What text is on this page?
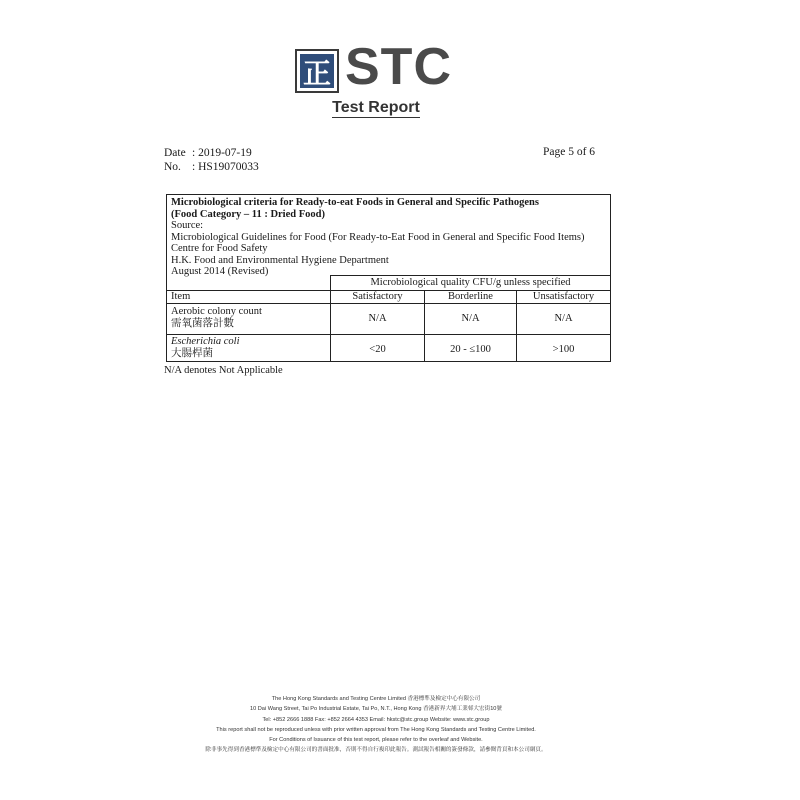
正 STC
Test Report
Date : 2019-07-19
No. : HS19070033
Page 5 of 6
Microbiological criteria for Ready-to-eat Foods in General and Specific Pathogens
(Food Category – 11 : Dried Food)
Source:
Microbiological Guidelines for Food (For Ready-to-Eat Food in General and Specific Food Items)
Centre for Food Safety
H.K. Food and Environmental Hygiene Department
August 2014 (Revised)
Microbiological quality CFU/g unless specified
Item	Satisfactory	Borderline	Unsatisfactory
Aerobic colony count
需氧菌落計數	N/A	N/A	N/A
Escherichia coli
大腸桿菌	<20	20 - ≤100	>100
N/A denotes Not Applicable
The Hong Kong Standards and Testing Centre Limited 香港標準及檢定中心有限公司
10 Dai Wang Street, Tai Po Industrial Estate, Tai Po, N.T., Hong Kong 香港新界大埔工業邨大宏街10號
Tel: +852 2666 1888 Fax: +852 2664 4353 Email: hkstc@stc.group Website: www.stc.group
This report shall not be reproduced unless with prior written approval from The Hong Kong Standards and Testing Centre Limited.
For Conditions of Issuance of this test report, please refer to the overleaf and Website.
除非事先得到香港標準及檢定中心有限公司的書面批准，否則不得自行複印此報告。測試報告相關的簽發條款，請參閱背頁和本公司網頁。
